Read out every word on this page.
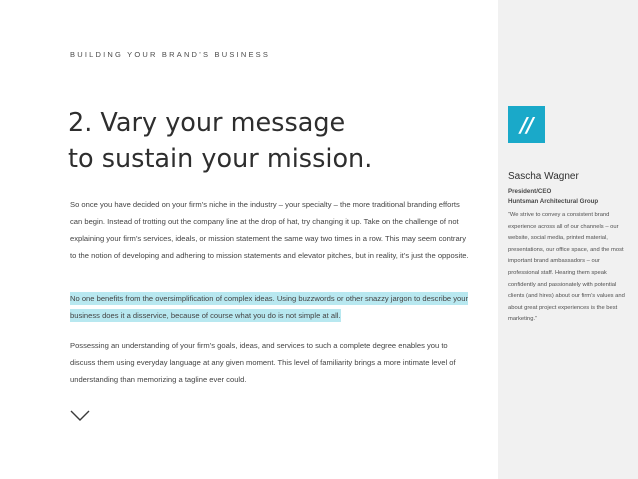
BUILDING YOUR BRAND’S BUSINESS
2. Vary your message
to sustain your mission.

So once you have decided on your firm’s niche in the industry – your specialty – the more traditional branding efforts can begin. Instead of trotting out the company line at the drop of hat, try changing it up. Take on the challenge of not explaining your firm’s services, ideals, or mission statement the same way two times in a row. This may seem contrary to the notion of developing and adhering to mission statements and elevator pitches, but in reality, it’s just the opposite.

No one benefits from the oversimplification of complex ideas. Using buzzwords or other snazzy jargon to describe your business does it a disservice, because of course what you do is not simple at all.

Possessing an understanding of your firm’s goals, ideas, and services to such a complete degree enables you to discuss them using everyday language at any given moment. This level of familiarity brings a more intimate level of understanding than memorizing a tagline ever could.

//
Sascha Wagner
President/CEO
Huntsman Architectural Group

“We strive to convey a consistent brand experience across all of our channels – our website, social media, printed material, presentations, our office space, and the most important brand ambassadors – our professional staff. Hearing them speak confidently and passionately with potential clients (and hires) about our firm’s values and about great project experiences is the best marketing.”
